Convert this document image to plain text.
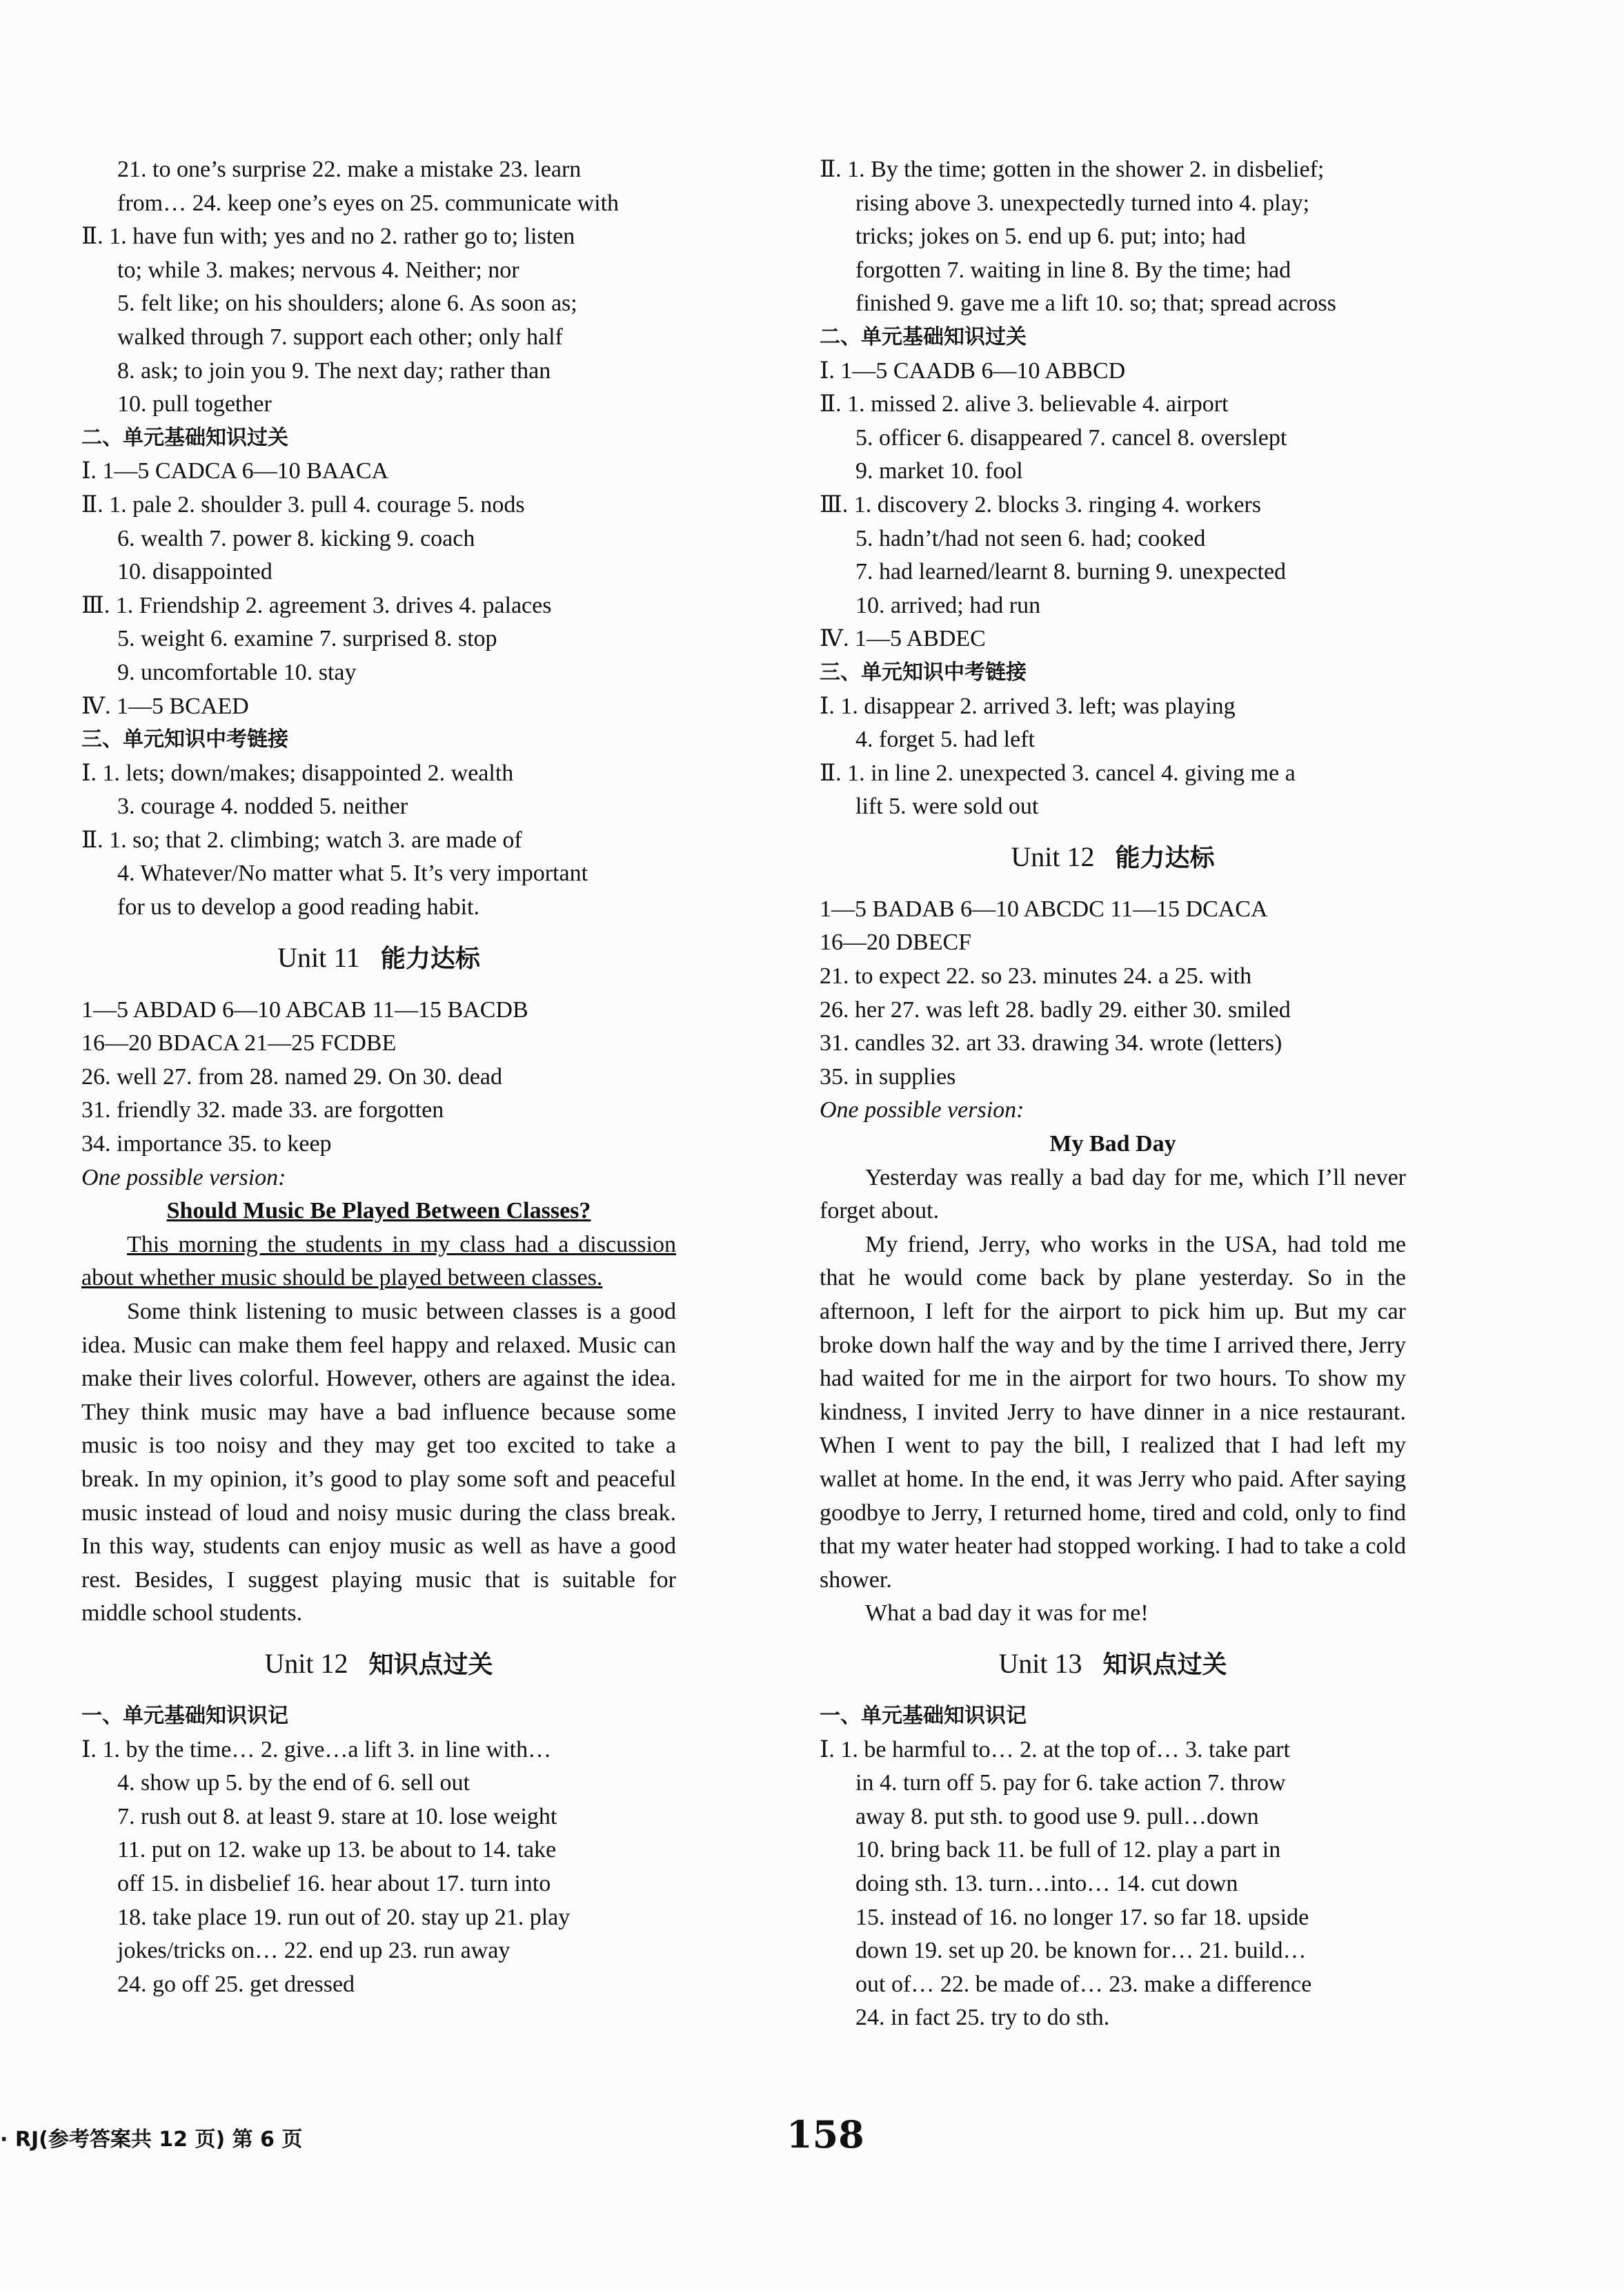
21. to one’s surprise 22. make a mistake 23. learn
from… 24. keep one’s eyes on 25. communicate with
Ⅱ. 1. have fun with; yes and no 2. rather go to; listen
to; while 3. makes; nervous 4. Neither; nor
5. felt like; on his shoulders; alone 6. As soon as;
walked through 7. support each other; only half
8. ask; to join you 9. The next day; rather than
10. pull together
二、单元基础知识过关
Ⅰ. 1—5 CADCA 6—10 BAACA
Ⅱ. 1. pale 2. shoulder 3. pull 4. courage 5. nods
6. wealth 7. power 8. kicking 9. coach
10. disappointed
Ⅲ. 1. Friendship 2. agreement 3. drives 4. palaces
5. weight 6. examine 7. surprised 8. stop
9. uncomfortable 10. stay
Ⅳ. 1—5 BCAED
三、单元知识中考链接
Ⅰ. 1. lets; down/makes; disappointed 2. wealth
3. courage 4. nodded 5. neither
Ⅱ. 1. so; that 2. climbing; watch 3. are made of
4. Whatever/No matter what 5. It’s very important
for us to develop a good reading habit.
Unit 11 能力达标
1—5 ABDAD 6—10 ABCAB 11—15 BACDB
16—20 BDACA 21—25 FCDBE
26. well 27. from 28. named 29. On 30. dead
31. friendly 32. made 33. are forgotten
34. importance 35. to keep
One possible version:

Should Music Be Played Between Classes?

This morning the students in my class had a discussion about whether music should be played between classes.

Some think listening to music between classes is a good idea. Music can make them feel happy and relaxed. Music can make their lives colorful. However, others are against the idea. They think music may have a bad influence because some music is too noisy and they may get too excited to take a break. In my opinion, it’s good to play some soft and peaceful music instead of loud and noisy music during the class break. In this way, students can enjoy music as well as have a good rest. Besides, I suggest playing music that is suitable for middle school students.

Unit 12 知识点过关
一、单元基础知识识记
Ⅰ. 1. by the time… 2. give…a lift 3. in line with…
4. show up 5. by the end of 6. sell out
7. rush out 8. at least 9. stare at 10. lose weight
11. put on 12. wake up 13. be about to 14. take
off 15. in disbelief 16. hear about 17. turn into
18. take place 19. run out of 20. stay up 21. play
jokes/tricks on… 22. end up 23. run away
24. go off 25. get dressed
Ⅱ. 1. By the time; gotten in the shower 2. in disbelief;
rising above 3. unexpectedly turned into 4. play;
tricks; jokes on 5. end up 6. put; into; had
forgotten 7. waiting in line 8. By the time; had
finished 9. gave me a lift 10. so; that; spread across
二、单元基础知识过关
Ⅰ. 1—5 CAADB 6—10 ABBCD
Ⅱ. 1. missed 2. alive 3. believable 4. airport
5. officer 6. disappeared 7. cancel 8. overslept
9. market 10. fool
Ⅲ. 1. discovery 2. blocks 3. ringing 4. workers
5. hadn’t/had not seen 6. had; cooked
7. had learned/learnt 8. burning 9. unexpected
10. arrived; had run
Ⅳ. 1—5 ABDEC
三、单元知识中考链接
Ⅰ. 1. disappear 2. arrived 3. left; was playing
4. forget 5. had left
Ⅱ. 1. in line 2. unexpected 3. cancel 4. giving me a
lift 5. were sold out
Unit 12 能力达标
1—5 BADAB 6—10 ABCDC 11—15 DCACA
16—20 DBECF
21. to expect 22. so 23. minutes 24. a 25. with
26. her 27. was left 28. badly 29. either 30. smiled
31. candles 32. art 33. drawing 34. wrote (letters)
35. in supplies
One possible version:

My Bad Day

Yesterday was really a bad day for me, which I’ll never forget about.

My friend, Jerry, who works in the USA, had told me that he would come back by plane yesterday. So in the afternoon, I left for the airport to pick him up. But my car broke down half the way and by the time I arrived there, Jerry had waited for me in the airport for two hours. To show my kindness, I invited Jerry to have dinner in a nice restaurant. When I went to pay the bill, I realized that I had left my wallet at home. In the end, it was Jerry who paid. After saying goodbye to Jerry, I returned home, tired and cold, only to find that my water heater had stopped working. I had to take a cold shower.

What a bad day it was for me!

Unit 13 知识点过关
一、单元基础知识识记
Ⅰ. 1. be harmful to… 2. at the top of… 3. take part
in 4. turn off 5. pay for 6. take action 7. throw
away 8. put sth. to good use 9. pull…down
10. bring back 11. be full of 12. play a part in
doing sth. 13. turn…into… 14. cut down
15. instead of 16. no longer 17. so far 18. upside
down 19. set up 20. be known for… 21. build…
out of… 22. be made of… 23. make a difference
24. in fact 25. try to do sth.
· RJ(参考答案共 12 页) 第 6 页	158
